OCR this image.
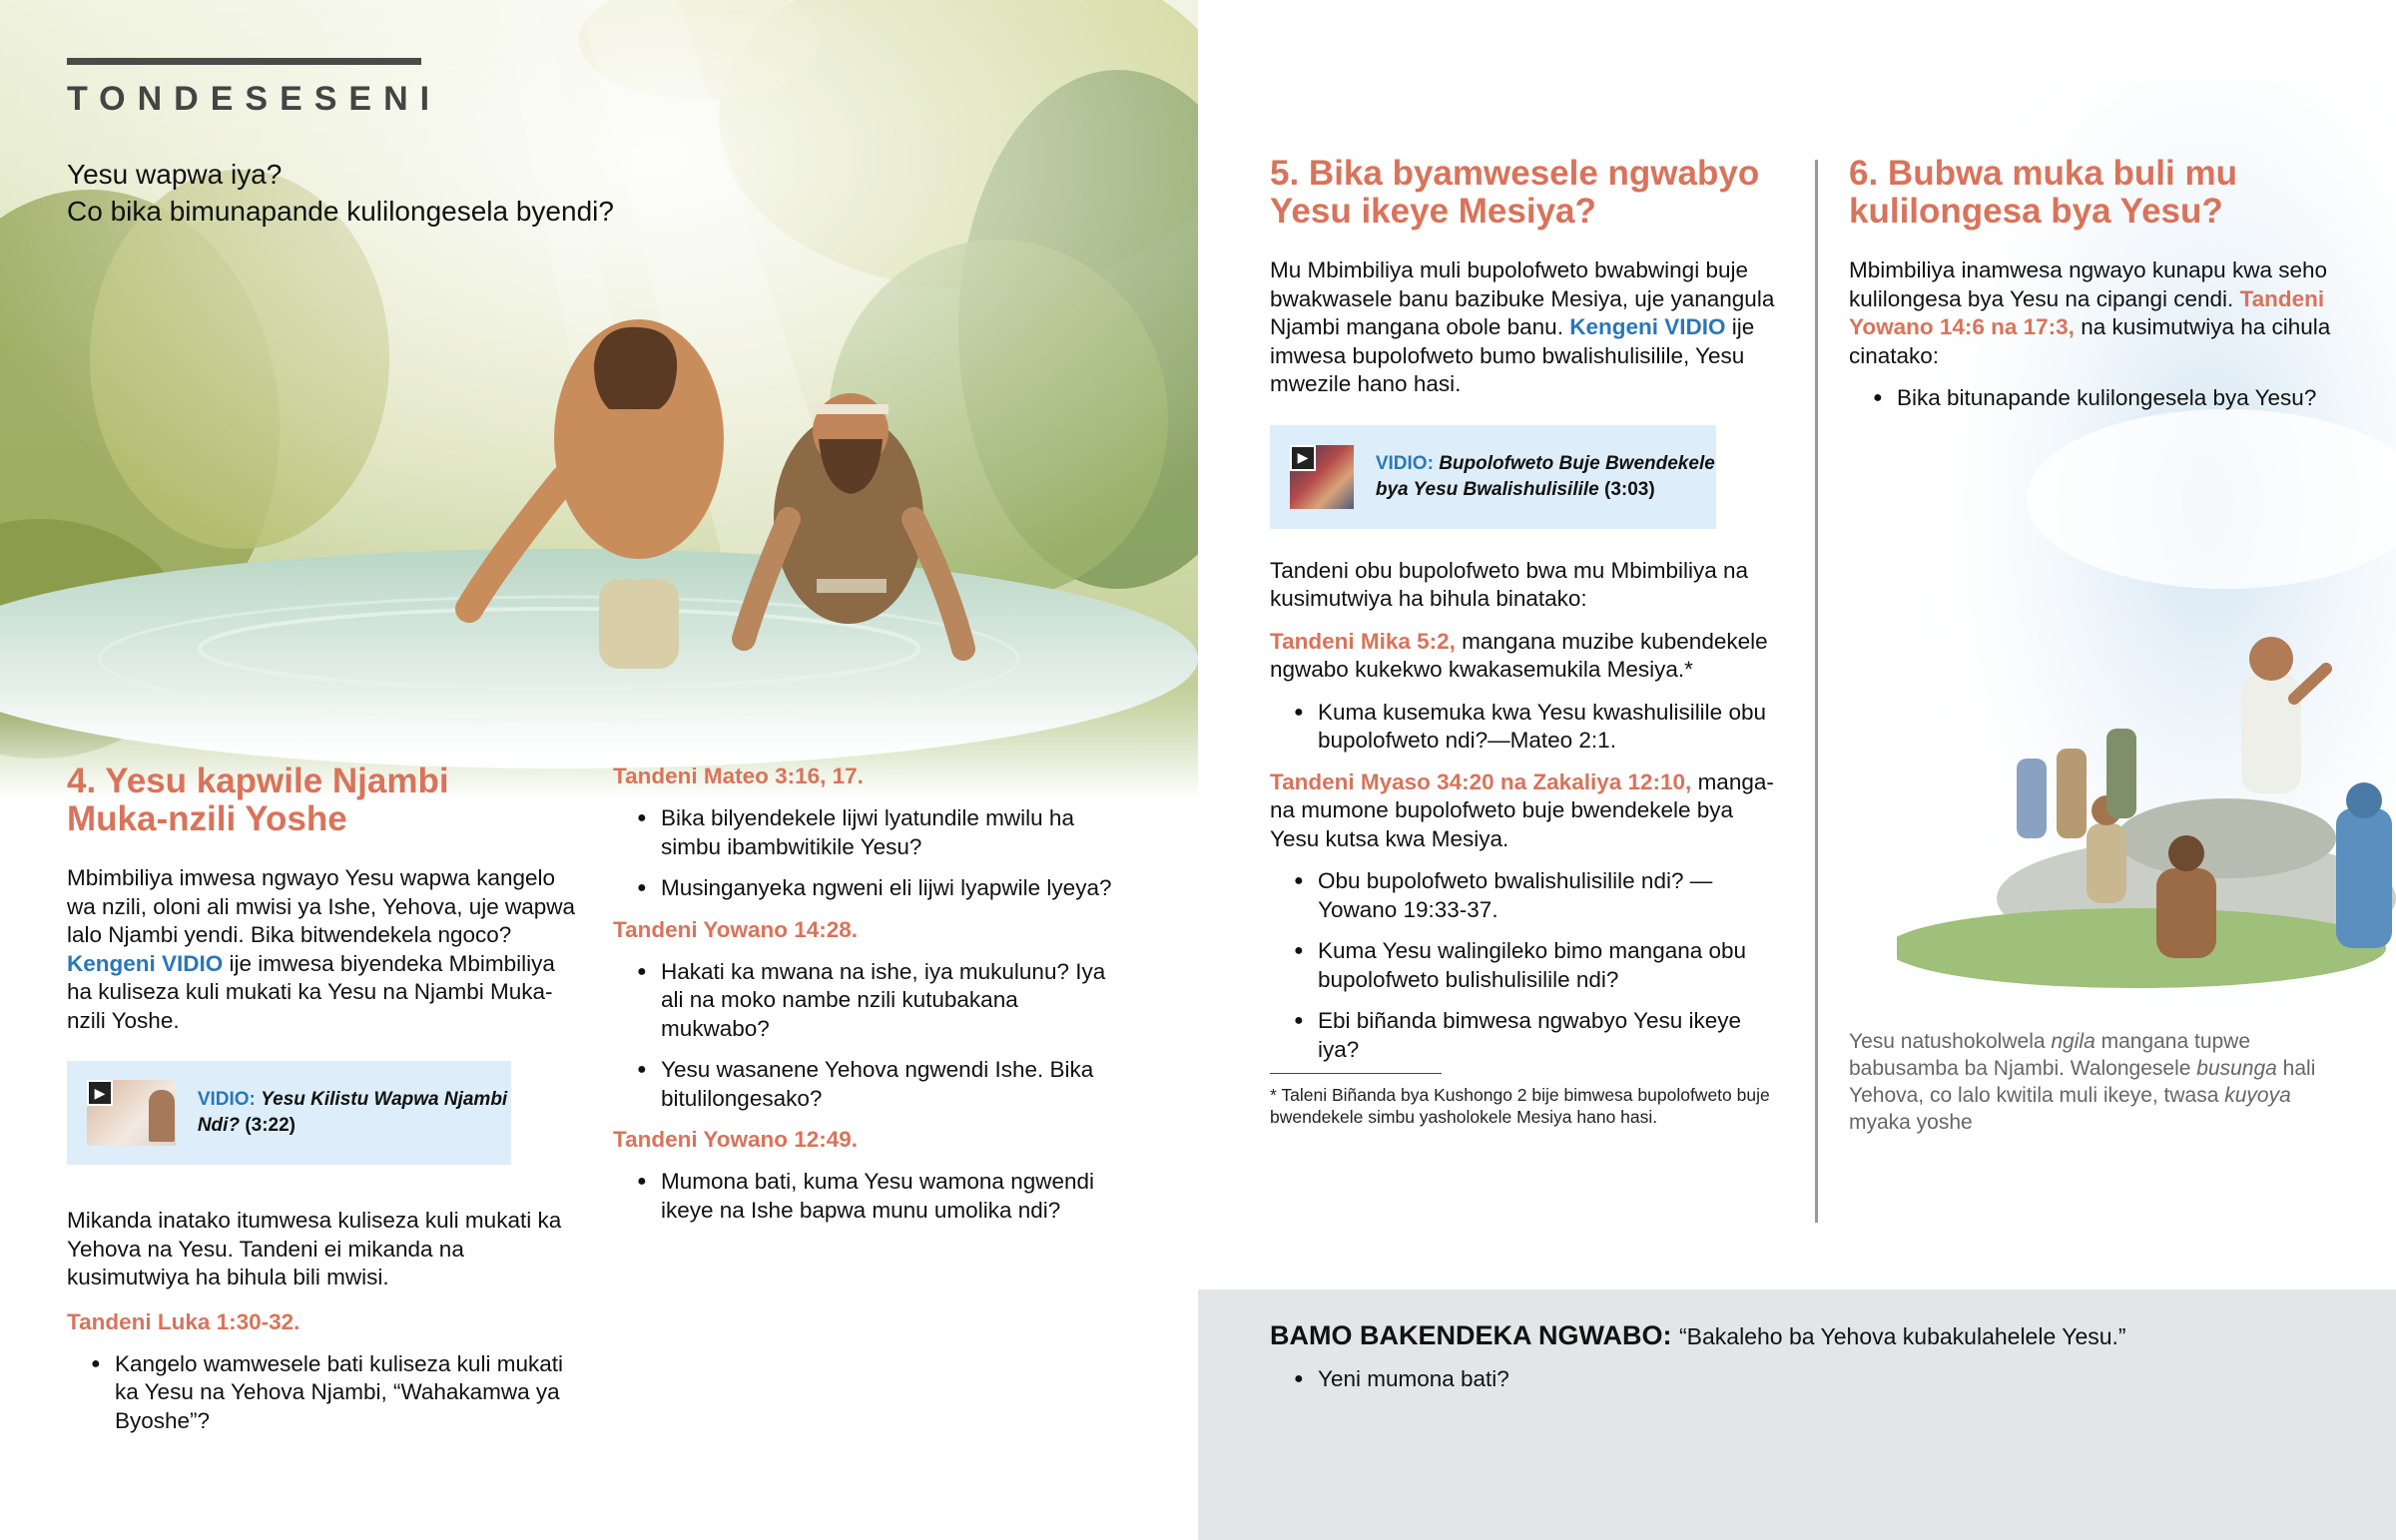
TONDESESENI
Yesu wapwa iya?
Co bika bimunapande kulilongesela byendi?
4. Yesu kapwile Njambi
Muka-nzili Yoshe

Mbimbiliya imwesa ngwayo Yesu wapwa kangelo wa nzili, oloni ali mwisi ya Ishe, Yehova, uje wapwa lalo Njambi yendi. Bika bitwendekela ngoco? Kengeni VIDIO ije imwesa biyendeka Mbimbiliya ha kuliseza kuli mukati ka Yesu na Njambi Muka-nzili Yoshe.

▶	VIDIO: Yesu Kilistu Wapwa Njambi Ndi? (3:22)

Mikanda inatako itumwesa kuliseza kuli mukati ka Yehova na Yesu. Tandeni ei mikanda na kusimutwiya ha bihula bili mwisi.

Tandeni Luka 1:30-32.
● Kangelo wamwesele bati kuliseza kuli mukati ka Yesu na Yehova Njambi, “Wahakamwa ya Byoshe”?
Tandeni Mateo 3:16, 17.
● Bika bilyendekele lijwi lyatundile mwilu ha simbu ibambwitikile Yesu?
● Musinganyeka ngweni eli lijwi lyapwile lyeya?
Tandeni Yowano 14:28.
● Hakati ka mwana na ishe, iya mukulunu? Iya ali na moko nambe nzili kutubakana mukwabo?
● Yesu wasanene Yehova ngwendi Ishe. Bika bitulilongesako?
Tandeni Yowano 12:49.
● Mumona bati, kuma Yesu wamona ngwendi ikeye na Ishe bapwa munu umolika ndi?
5. Bika byamwesele ngwabyo
Yesu ikeye Mesiya?

Mu Mbimbiliya muli bupolofweto bwabwingi buje bwakwasele banu bazibuke Mesiya, uje yanangula Njambi mangana obole banu. Kengeni VIDIO ije imwesa bupolofweto bumo bwalishulisilile, Yesu mwezile hano hasi.

▶	VIDIO: Bupolofweto Buje Bwendekele bya Yesu Bwalishulisilile (3:03)

Tandeni obu bupolofweto bwa mu Mbimbiliya na kusimutwiya ha bihula binatako:

Tandeni Mika 5:2, mangana muzibe kubendekele ngwabo kukekwo kwakasemukila Mesiya.*

● Kuma kusemuka kwa Yesu kwashulisilile obu bupolofweto ndi?—Mateo 2:1.

Tandeni Myaso 34:20 na Zakaliya 12:10, mangana mumone bupolofweto buje bwendekele bya Yesu kutsa kwa Mesiya.

● Obu bupolofweto bwalishulisilile ndi? —Yowano 19:33-37.
● Kuma Yesu walingileko bimo mangana obu bupolofweto bulishulisilile ndi?
● Ebi biñanda bimwesa ngwabyo Yesu ikeye iya?

* Taleni Biñanda bya Kushongo 2 bije bimwesa bupolofweto buje bwendekele simbu yasholokele Mesiya hano hasi.

6. Bubwa muka buli mu
kulilongesa bya Yesu?

Mbimbiliya inamwesa ngwayo kunapu kwa seho kulilongesa bya Yesu na cipangi cendi. Tandeni Yowano 14:6 na 17:3, na kusimutwiya ha cihula cinatako:

● Bika bitunapande kulilongesela bya Yesu?

Yesu natushokolwela ngila mangana tupwe babusamba ba Njambi. Walongesele busunga hali Yehova, co lalo kwitila muli ikeye, twasa kuyoya myaka yoshe

BAMO BAKENDEKA NGWABO: “Bakaleho ba Yehova kubakulahelele Yesu.”
● Yeni mumona bati?
